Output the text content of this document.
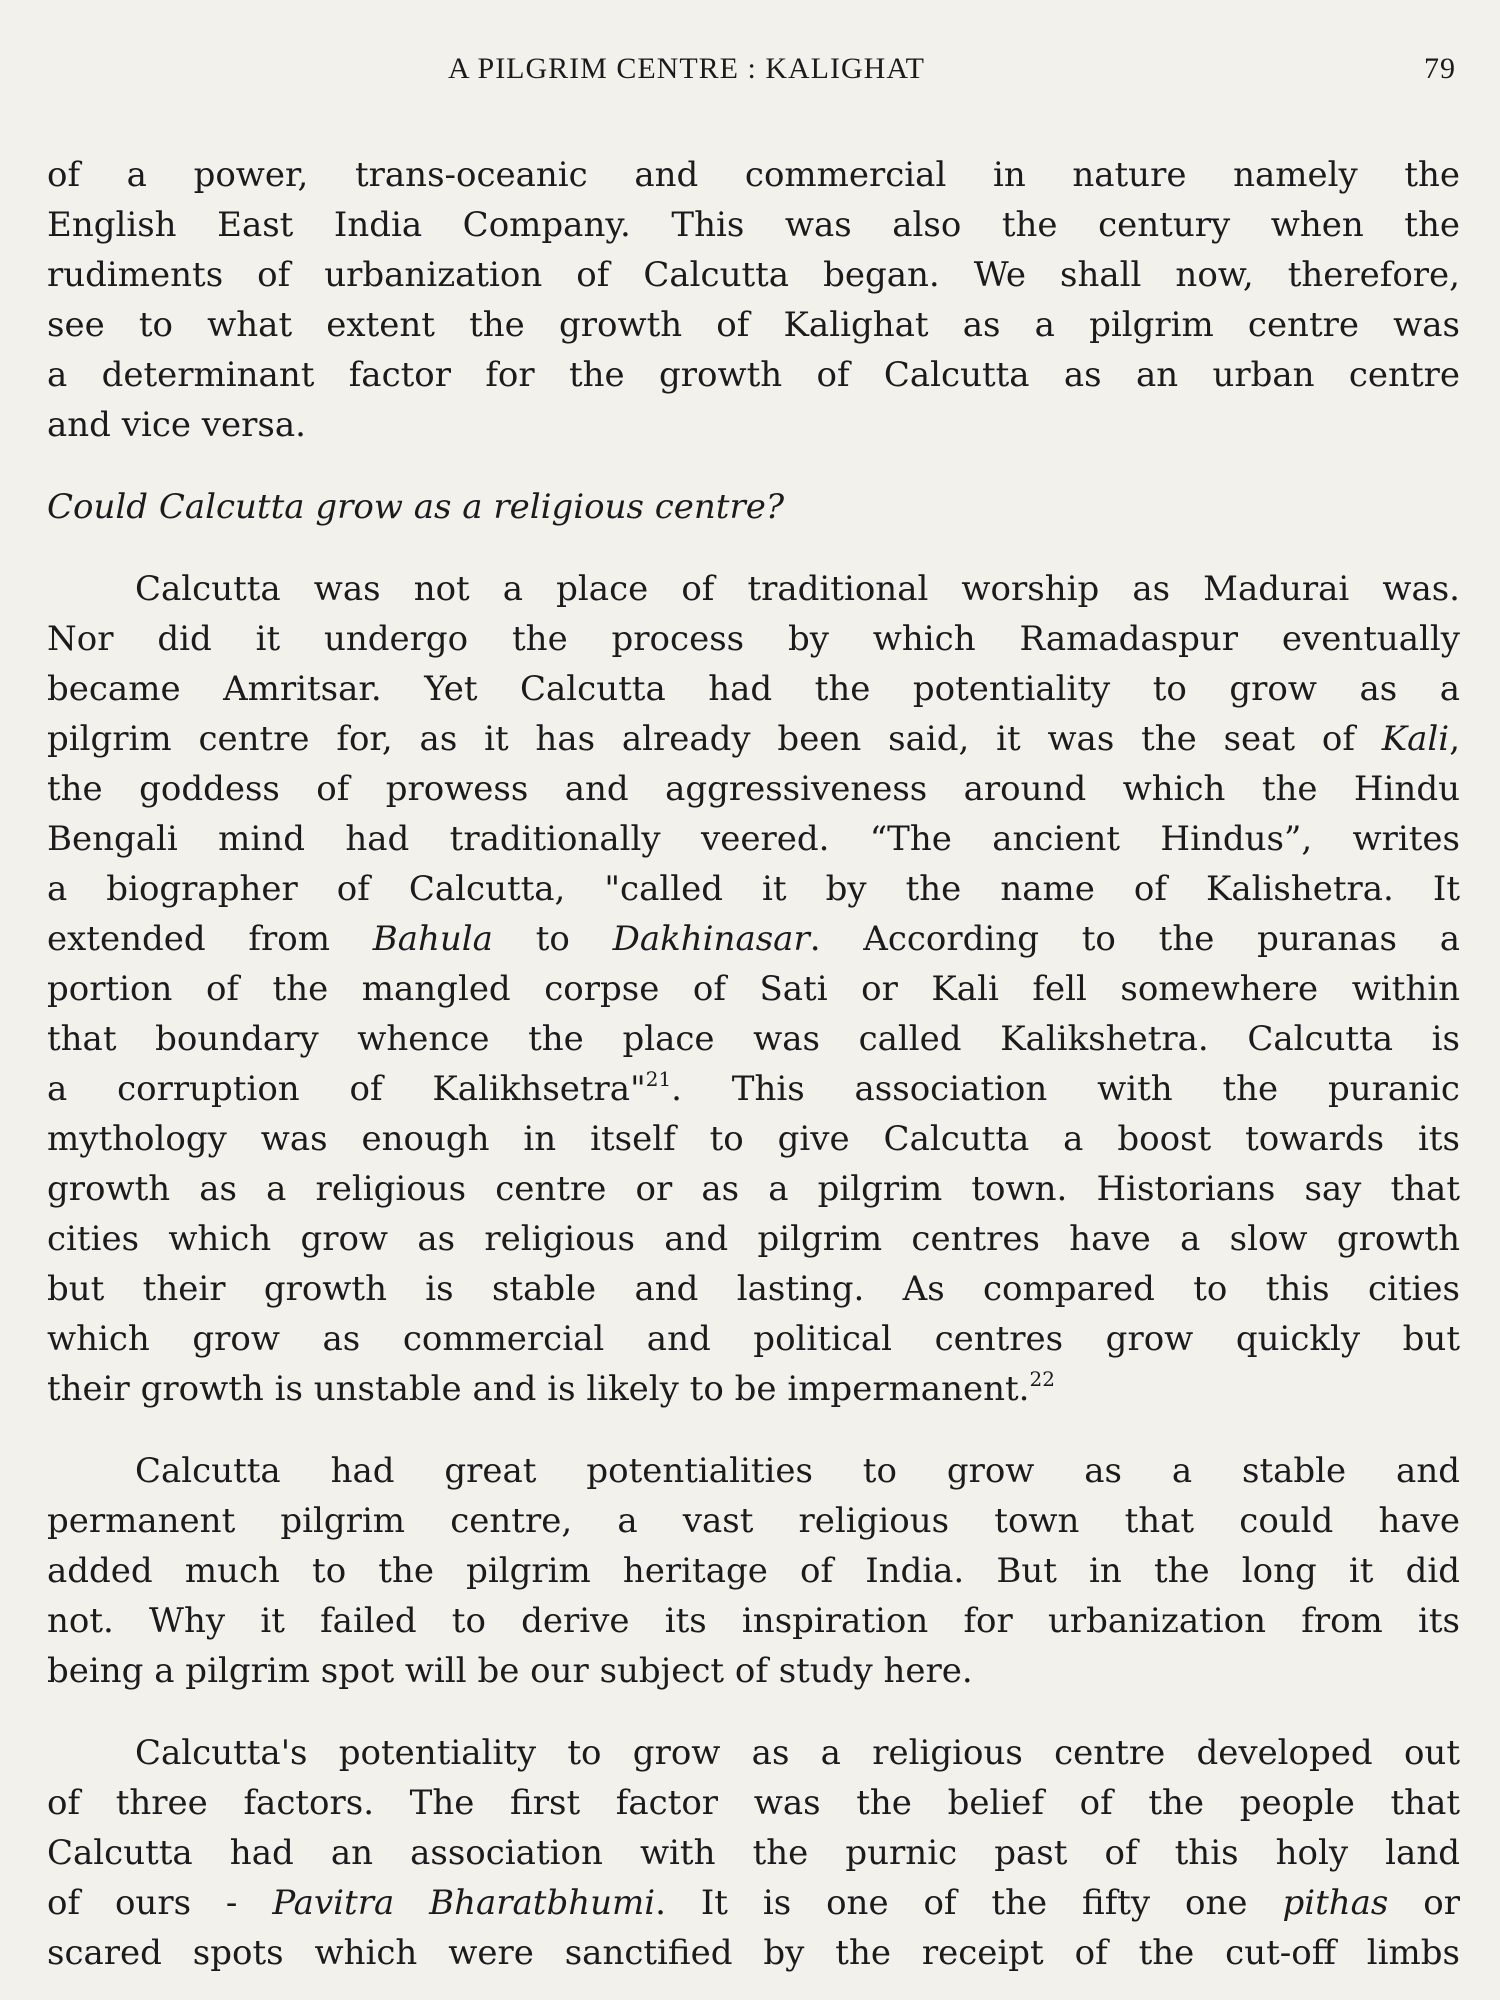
A PILGRIM CENTRE : KALIGHAT	79
of a power, trans-oceanic and commercial in nature namely the
English East India Company. This was also the century when the
rudiments of urbanization of Calcutta began. We shall now, therefore,
see to what extent the growth of Kalighat as a pilgrim centre was
a determinant factor for the growth of Calcutta as an urban centre
and vice versa.
Could Calcutta grow as a religious centre?
Calcutta was not a place of traditional worship as Madurai was.
Nor did it undergo the process by which Ramadaspur eventually
became Amritsar. Yet Calcutta had the potentiality to grow as a
pilgrim centre for, as it has already been said, it was the seat of Kali,
the goddess of prowess and aggressiveness around which the Hindu
Bengali mind had traditionally veered. “The ancient Hindus”, writes
a biographer of Calcutta, "called it by the name of Kalishetra. It
extended from Bahula to Dakhinasar. According to the puranas a
portion of the mangled corpse of Sati or Kali fell somewhere within
that boundary whence the place was called Kalikshetra. Calcutta is
a corruption of Kalikhsetra"$^{21}$. This association with the puranic
mythology was enough in itself to give Calcutta a boost towards its
growth as a religious centre or as a pilgrim town. Historians say that
cities which grow as religious and pilgrim centres have a slow growth
but their growth is stable and lasting. As compared to this cities
which grow as commercial and political centres grow quickly but
their growth is unstable and is likely to be impermanent.$^{22}$
Calcutta had great potentialities to grow as a stable and
permanent pilgrim centre, a vast religious town that could have
added much to the pilgrim heritage of India. But in the long it did
not. Why it failed to derive its inspiration for urbanization from its
being a pilgrim spot will be our subject of study here.
Calcutta's potentiality to grow as a religious centre developed out
of three factors. The first factor was the belief of the people that
Calcutta had an association with the purnic past of this holy land
of ours - Pavitra Bharatbhumi. It is one of the fifty one pithas or
scared spots which were sanctified by the receipt of the cut-off limbs
